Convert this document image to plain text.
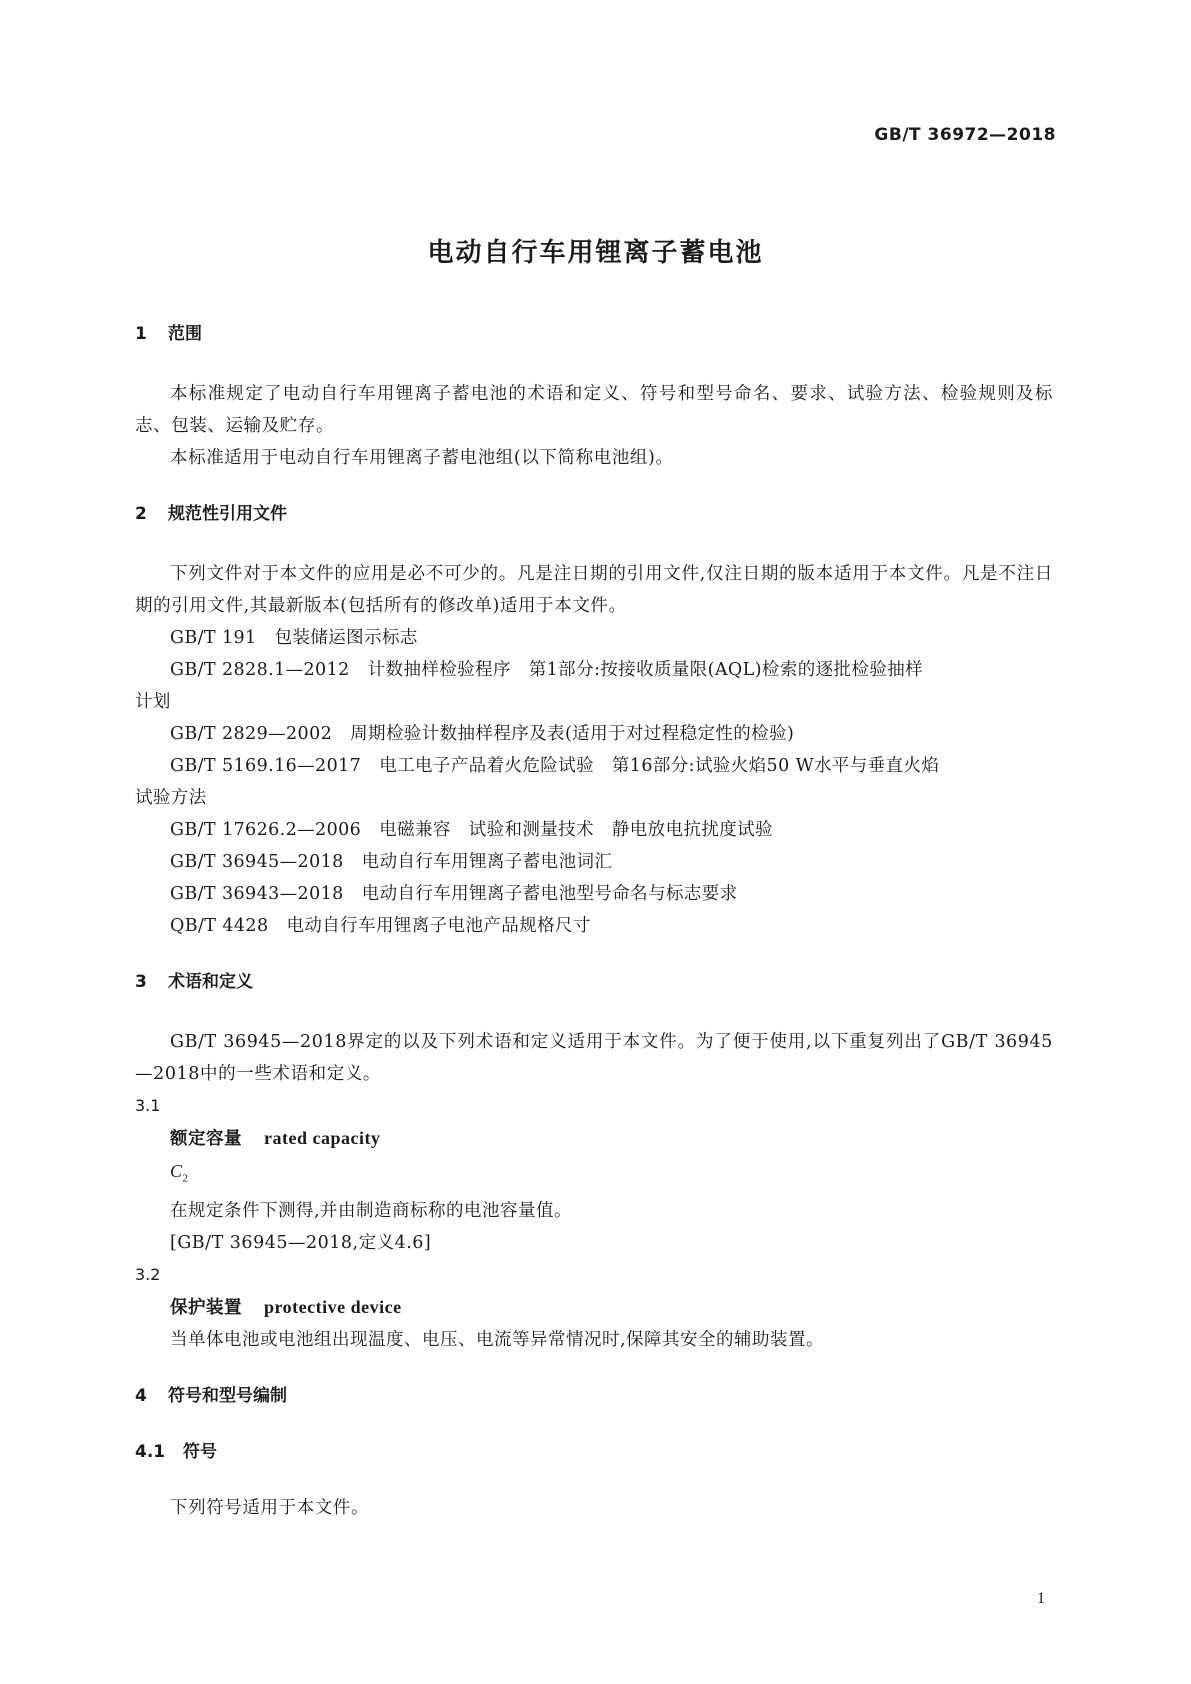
GB/T 36972—2018
电动自行车用锂离子蓄电池
1 范围

本标准规定了电动自行车用锂离子蓄电池的术语和定义、符号和型号命名、要求、试验方法、检验规则及标志、包装、运输及贮存。

本标准适用于电动自行车用锂离子蓄电池组(以下简称电池组)。

2 规范性引用文件

下列文件对于本文件的应用是必不可少的。凡是注日期的引用文件,仅注日期的版本适用于本文件。凡是不注日期的引用文件,其最新版本(包括所有的修改单)适用于本文件。

GB/T 191 包装储运图示标志

GB/T 2828.1—2012 计数抽样检验程序　第1部分:按接收质量限(AQL)检索的逐批检验抽样

计划

GB/T 2829—2002 周期检验计数抽样程序及表(适用于对过程稳定性的检验)

GB/T 5169.16—2017 电工电子产品着火危险试验　第16部分:试验火焰50 W水平与垂直火焰

试验方法

GB/T 17626.2—2006 电磁兼容　试验和测量技术　静电放电抗扰度试验

GB/T 36945—2018 电动自行车用锂离子蓄电池词汇

GB/T 36943—2018 电动自行车用锂离子蓄电池型号命名与标志要求

QB/T 4428 电动自行车用锂离子电池产品规格尺寸

3 术语和定义

GB/T 36945—2018界定的以及下列术语和定义适用于本文件。为了便于使用,以下重复列出了GB/T 36945—2018中的一些术语和定义。

3.1

额定容量 rated capacity

$C_2$

在规定条件下测得,并由制造商标称的电池容量值。

[GB/T 36945—2018,定义4.6]

3.2

保护装置 protective device

当单体电池或电池组出现温度、电压、电流等异常情况时,保障其安全的辅助装置。

4 符号和型号编制
4.1 符号

下列符号适用于本文件。

1
